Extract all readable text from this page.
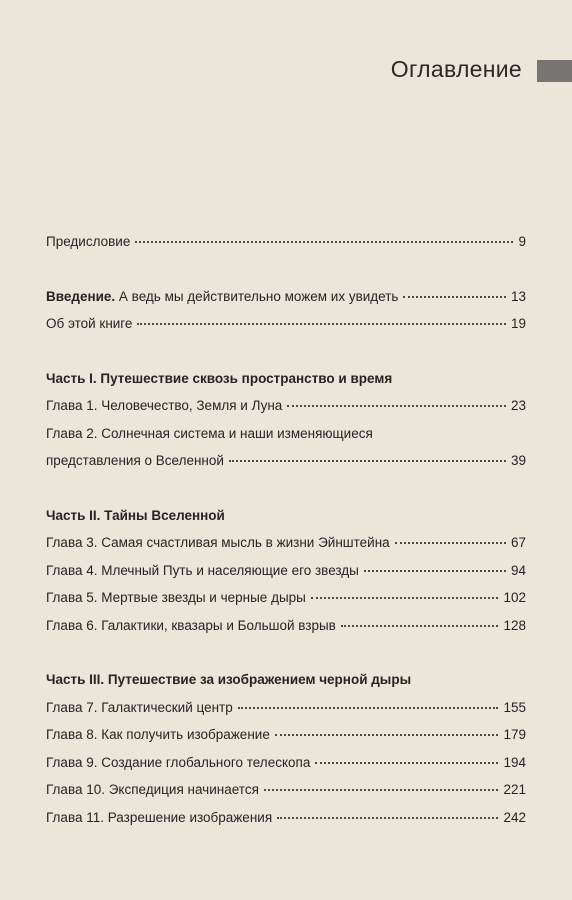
Оглавление
Предисловие	9
Введение. А ведь мы действительно можем их увидеть	13
Об этой книге	19
Часть I. Путешествие сквозь пространство и время
Глава 1. Человечество, Земля и Луна	23
Глава 2. Солнечная система и наши изменяющиеся
представления о Вселенной	39
Часть II. Тайны Вселенной
Глава 3. Самая счастливая мысль в жизни Эйнштейна	67
Глава 4. Млечный Путь и населяющие его звезды	94
Глава 5. Мертвые звезды и черные дыры	102
Глава 6. Галактики, квазары и Большой взрыв	128
Часть III. Путешествие за изображением черной дыры
Глава 7. Галактический центр	155
Глава 8. Как получить изображение	179
Глава 9. Создание глобального телескопа	194
Глава 10. Экспедиция начинается	221
Глава 11. Разрешение изображения	242
